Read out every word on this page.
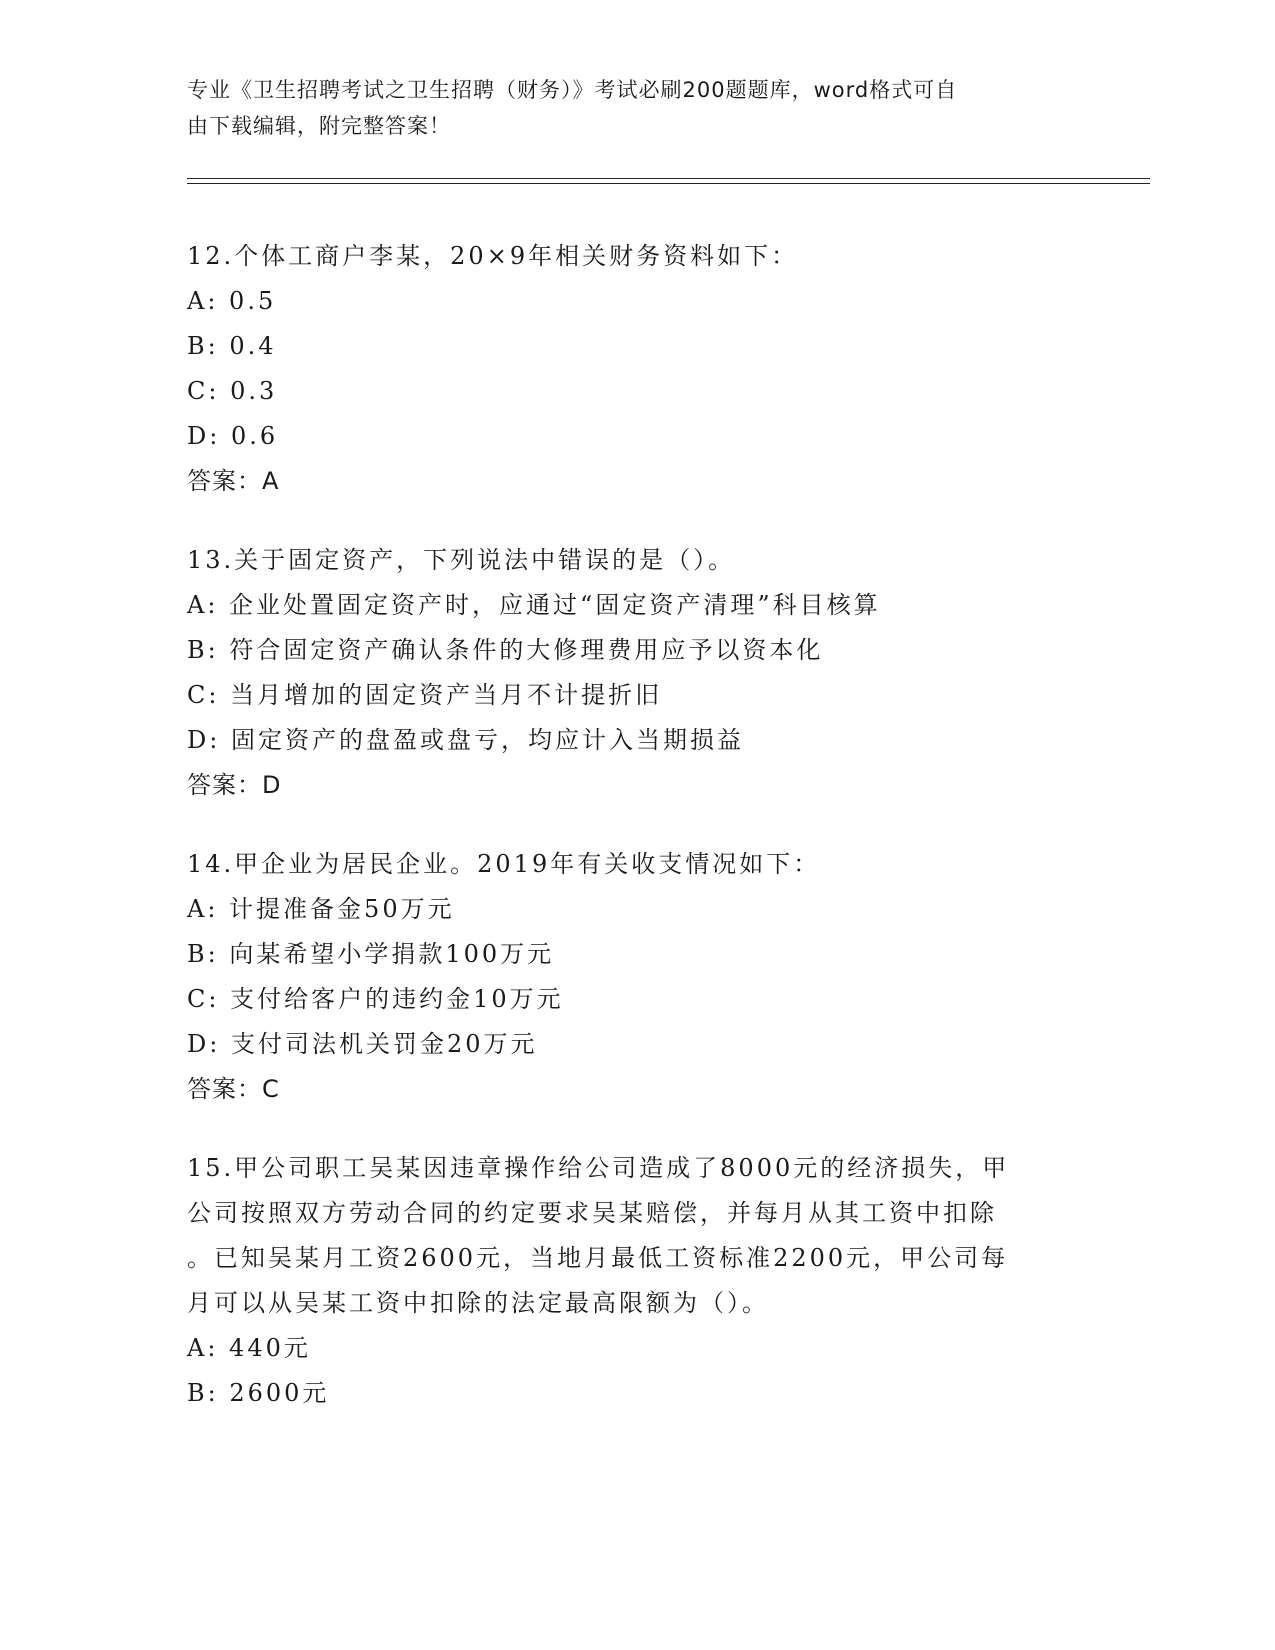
专业《卫生招聘考试之卫生招聘（财务）》考试必刷200题题库，word格式可自
由下载编辑，附完整答案！
12.个体工商户李某，20×9年相关财务资料如下：
A: 0.5
B: 0.4
C: 0.3
D: 0.6
答案：A
13.关于固定资产，下列说法中错误的是（）。
A: 企业处置固定资产时，应通过“固定资产清理”科目核算
B: 符合固定资产确认条件的大修理费用应予以资本化
C: 当月增加的固定资产当月不计提折旧
D: 固定资产的盘盈或盘亏，均应计入当期损益
答案：D
14.甲企业为居民企业。2019年有关收支情况如下：
A: 计提准备金50万元
B: 向某希望小学捐款100万元
C: 支付给客户的违约金10万元
D: 支付司法机关罚金20万元
答案：C
15.甲公司职工吴某因违章操作给公司造成了8000元的经济损失，甲
公司按照双方劳动合同的约定要求吴某赔偿，并每月从其工资中扣除
。已知吴某月工资2600元，当地月最低工资标准2200元，甲公司每
月可以从吴某工资中扣除的法定最高限额为（）。
A: 440元
B: 2600元
